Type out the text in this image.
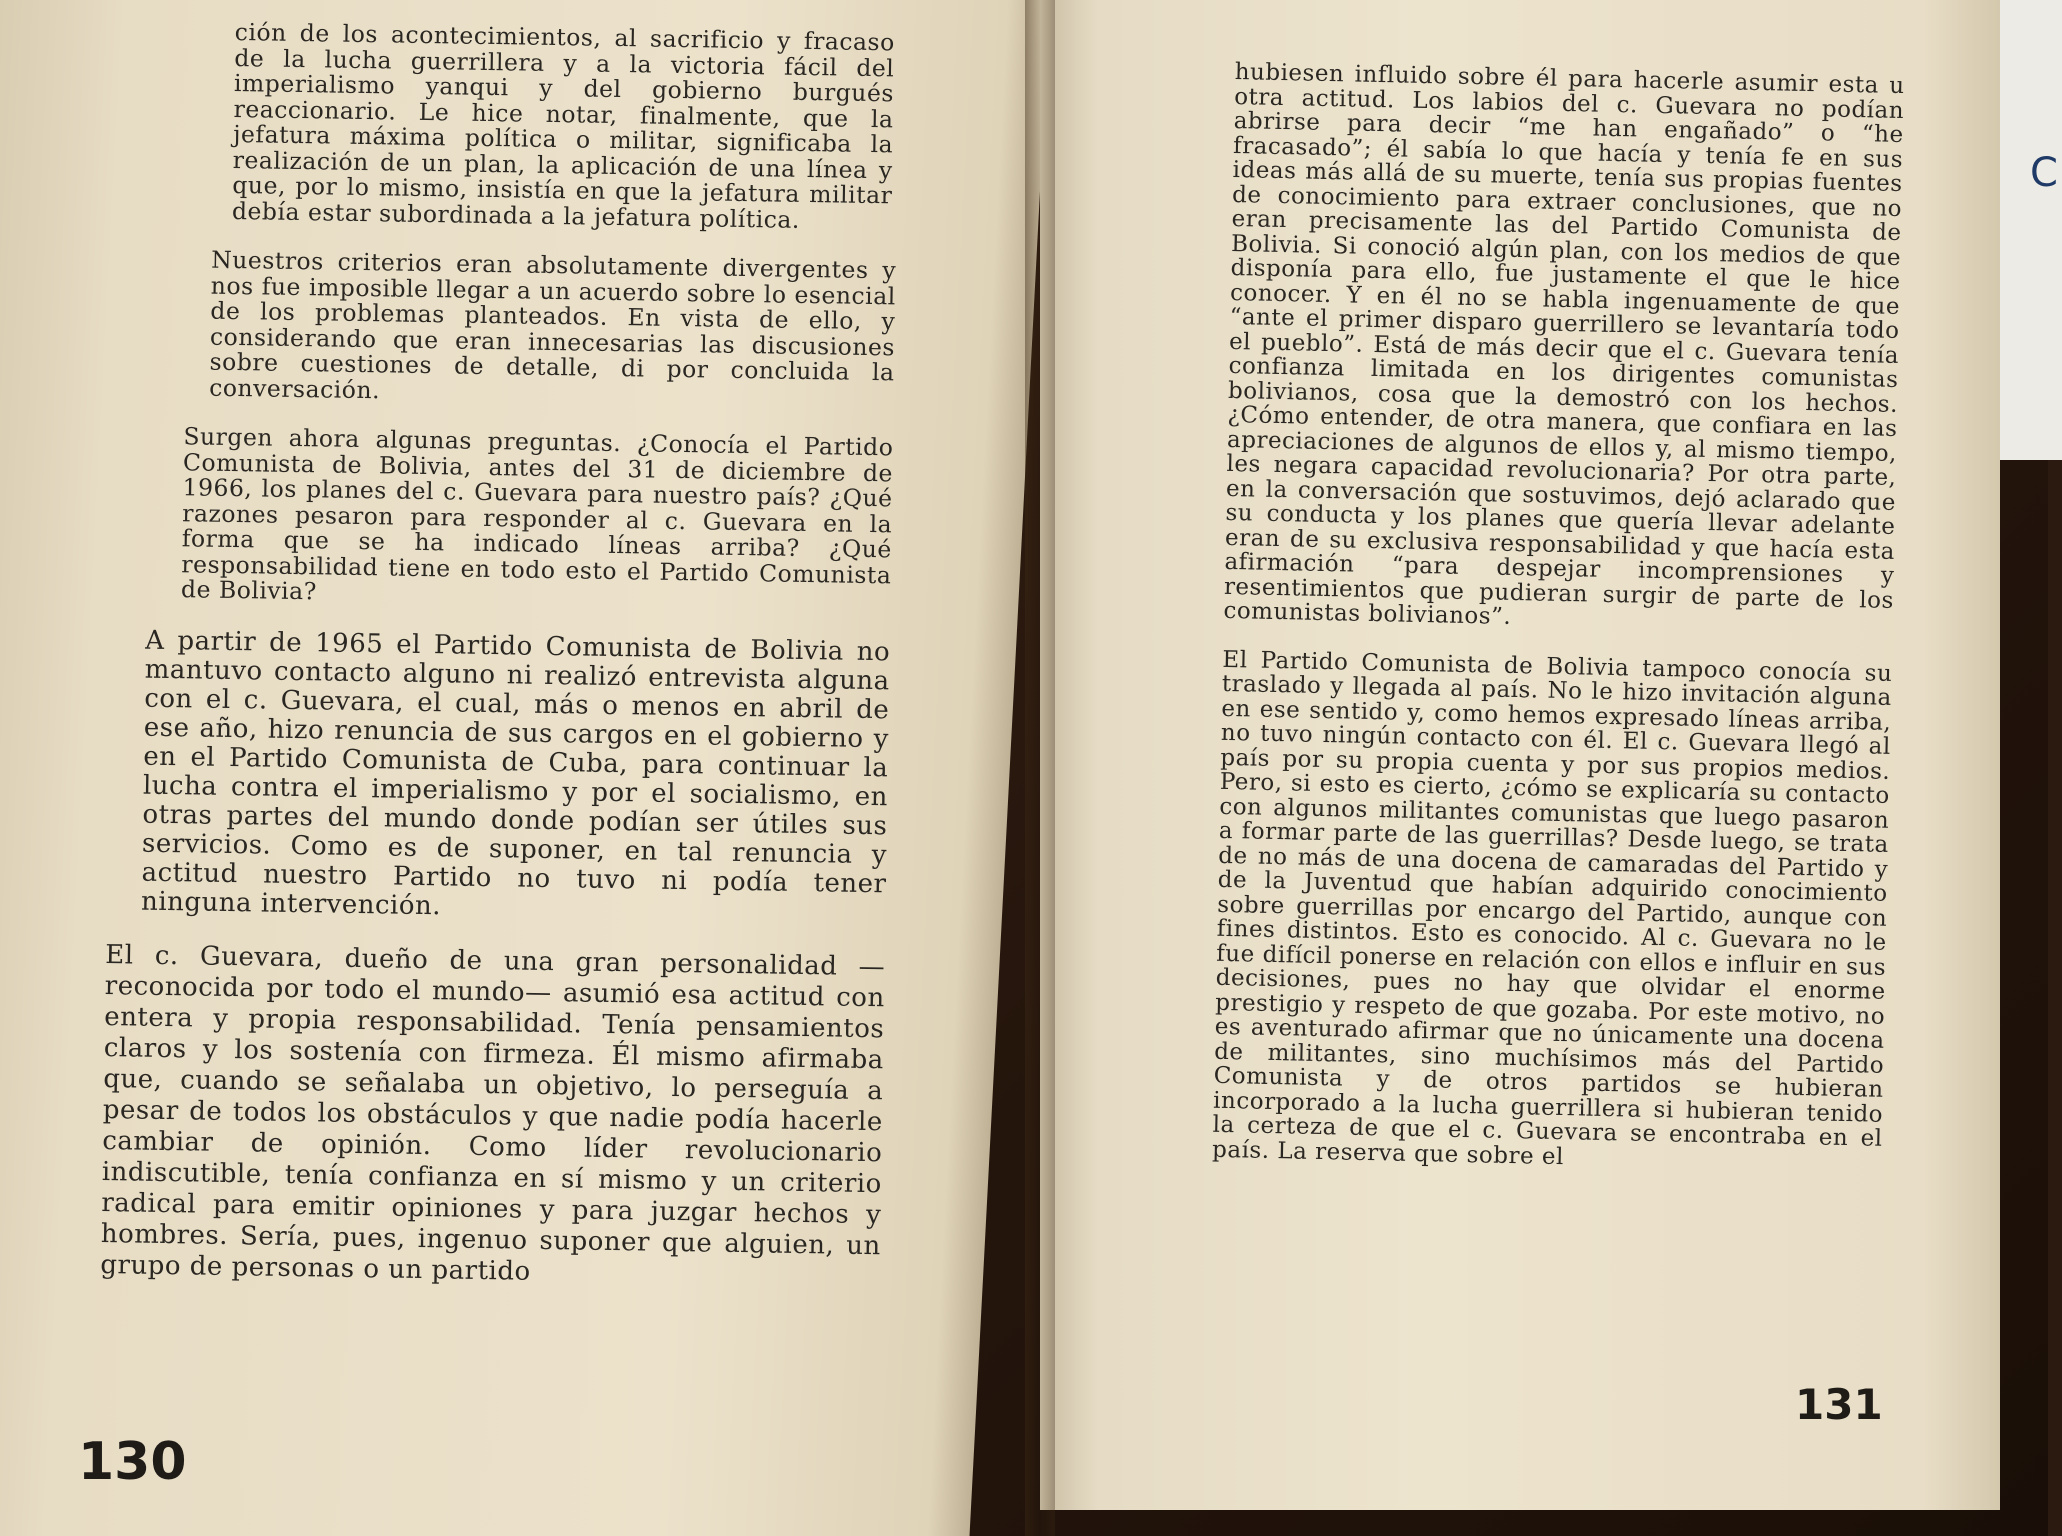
C

ción de los acontecimientos, al sacrificio y fracaso de la lucha guerrillera y a la victoria fácil del imperialismo yanqui y del gobierno burgués reaccionario. Le hice notar, finalmente, que la jefatura máxima política o militar, significaba la realización de un plan, la aplicación de una línea y que, por lo mismo, insistía en que la jefatura militar debía estar subordinada a la jefatura política.

Nuestros criterios eran absolutamente divergentes y nos fue imposible llegar a un acuerdo sobre lo esencial de los problemas planteados. En vista de ello, y considerando que eran innecesarias las discusiones sobre cuestiones de detalle, di por concluida la conversación.

Surgen ahora algunas preguntas. ¿Conocía el Partido Comunista de Bolivia, antes del 31 de diciembre de 1966, los planes del c. Guevara para nuestro país? ¿Qué razones pesaron para responder al c. Guevara en la forma que se ha indicado líneas arriba? ¿Qué responsabilidad tiene en todo esto el Partido Comunista de Bolivia?

A partir de 1965 el Partido Comunista de Bolivia no mantuvo contacto alguno ni realizó entrevista alguna con el c. Guevara, el cual, más o menos en abril de ese año, hizo renuncia de sus cargos en el gobierno y en el Partido Comunista de Cuba, para continuar la lucha contra el imperialismo y por el socialismo, en otras partes del mundo donde podían ser útiles sus servicios. Como es de suponer, en tal renuncia y actitud nuestro Partido no tuvo ni podía tener ninguna intervención.

El c. Guevara, dueño de una gran personalidad —reconocida por todo el mundo— asumió esa actitud con entera y propia responsabilidad. Tenía pensamientos claros y los sostenía con firmeza. Él mismo afirmaba que, cuando se señalaba un objetivo, lo perseguía a pesar de todos los obstáculos y que nadie podía hacerle cambiar de opinión. Como líder revolucionario indiscutible, tenía confianza en sí mismo y un criterio radical para emitir opiniones y para juzgar hechos y hombres. Sería, pues, ingenuo suponer que alguien, un grupo de personas o un partido

130

hubiesen influido sobre él para hacerle asumir esta u otra actitud. Los labios del c. Guevara no podían abrirse para decir “me han engañado” o “he fracasado”; él sabía lo que hacía y tenía fe en sus ideas más allá de su muerte, tenía sus propias fuentes de conocimiento para extraer conclusiones, que no eran precisamente las del Partido Comunista de Bolivia. Si conoció algún plan, con los medios de que disponía para ello, fue justamente el que le hice conocer. Y en él no se habla ingenuamente de que “ante el primer disparo guerrillero se levantaría todo el pueblo”. Está de más decir que el c. Guevara tenía confianza limitada en los dirigentes comunistas bolivianos, cosa que la demostró con los hechos. ¿Cómo entender, de otra manera, que confiara en las apreciaciones de algunos de ellos y, al mismo tiempo, les negara capacidad revolucionaria? Por otra parte, en la conversación que sostuvimos, dejó aclarado que su conducta y los planes que quería llevar adelante eran de su exclusiva responsabilidad y que hacía esta afirmación “para despejar incomprensiones y resentimientos que pudieran surgir de parte de los comunistas bolivianos”.

El Partido Comunista de Bolivia tampoco conocía su traslado y llegada al país. No le hizo invitación alguna en ese sentido y, como hemos expresado líneas arriba, no tuvo ningún contacto con él. El c. Guevara llegó al país por su propia cuenta y por sus propios medios. Pero, si esto es cierto, ¿cómo se explicaría su contacto con algunos militantes comunistas que luego pasaron a formar parte de las guerrillas? Desde luego, se trata de no más de una docena de camaradas del Partido y de la Juventud que habían adquirido conocimiento sobre guerrillas por encargo del Partido, aunque con fines distintos. Esto es conocido. Al c. Guevara no le fue difícil ponerse en relación con ellos e influir en sus decisiones, pues no hay que olvidar el enorme prestigio y respeto de que gozaba. Por este motivo, no es aventurado afirmar que no únicamente una docena de militantes, sino muchísimos más del Partido Comunista y de otros partidos se hubieran incorporado a la lucha guerrillera si hubieran tenido la certeza de que el c. Guevara se encontraba en el país. La reserva que sobre el

131
